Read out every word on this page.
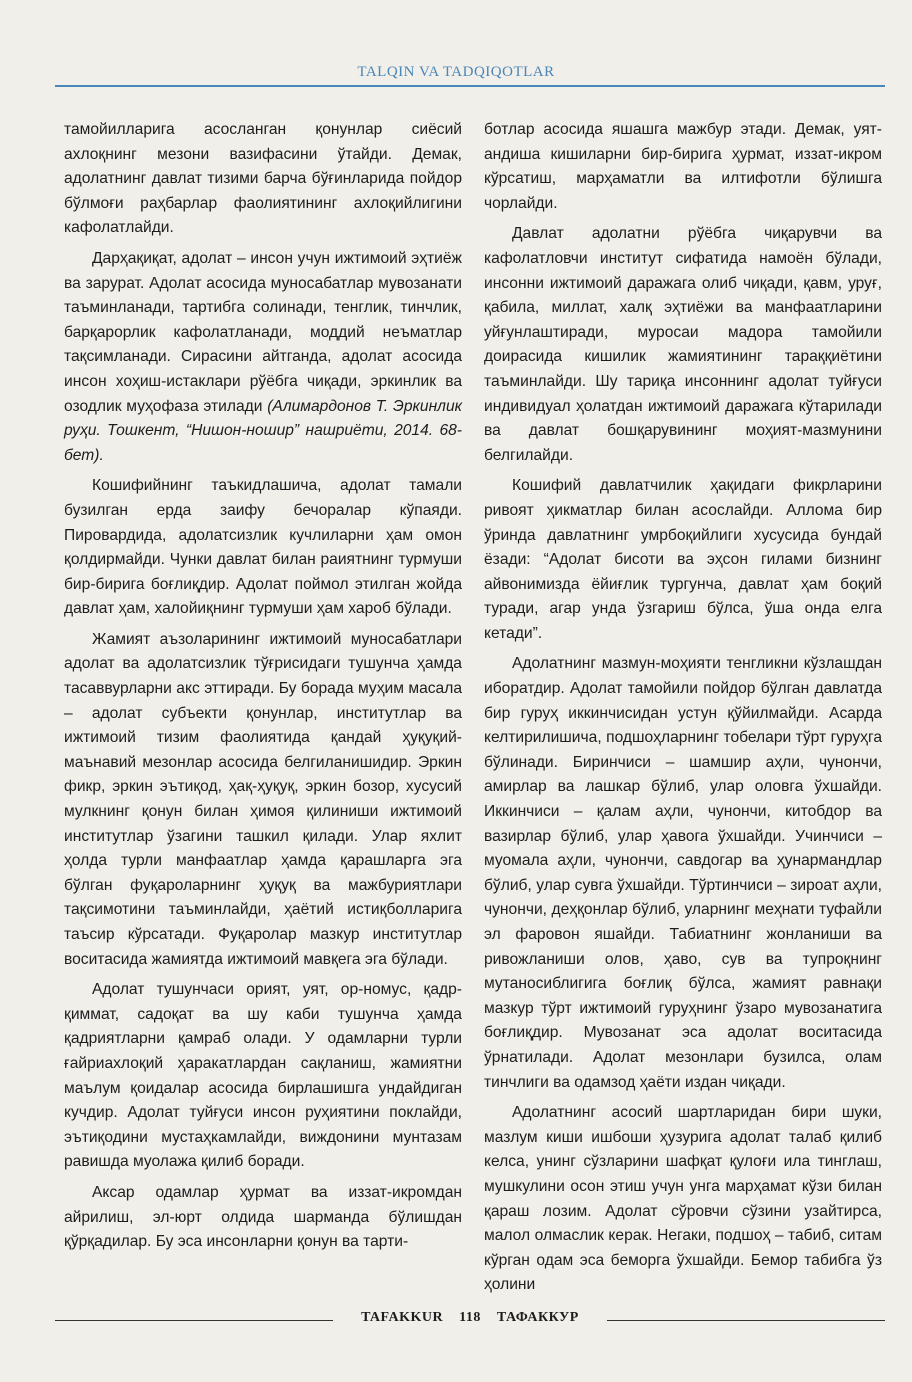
TALQIN VA TADQIQOTLAR

тамойилларига асосланган қонунлар сиёсий ахлоқнинг мезони вазифасини ўтайди. Демак, адолатнинг давлат тизими барча бўғинларида пойдор бўлмоғи раҳбарлар фаолиятининг ахлоқийлигини кафолатлайди.

Дарҳақиқат, адолат – инсон учун ижтимоий эҳтиёж ва зарурат. Адолат асосида муносабатлар мувозанати таъминланади, тартибга солинади, тенглик, тинчлик, барқарорлик кафолатланади, моддий неъматлар тақсимланади. Сирасини айтганда, адолат асосида инсон хоҳиш-истаклари рўёбга чиқади, эркинлик ва озодлик муҳофаза этилади (Алимардонов Т. Эркинлик руҳи. Тошкент, “Нишон-ношир” нашриёти, 2014. 68-бет).

Кошифийнинг таъкидлашича, адолат тамали бузилган ерда заифу бечоралар кўпаяди. Пировардида, адолатсизлик кучлиларни ҳам омон қолдирмайди. Чунки давлат билан раиятнинг турмуши бир-бирига боғлиқдир. Адолат поймол этилган жойда давлат ҳам, халойиқнинг турмуши ҳам хароб бўлади.

Жамият аъзоларининг ижтимоий муносабатлари адолат ва адолатсизлик тўғрисидаги тушунча ҳамда тасаввурларни акс эттиради. Бу борада муҳим масала – адолат субъекти қонунлар, институтлар ва ижтимоий тизим фаолиятида қандай ҳуқуқий-маънавий мезонлар асосида белгиланишидир. Эркин фикр, эркин эътиқод, ҳақ-ҳуқуқ, эркин бозор, хусусий мулкнинг қонун билан ҳимоя қилиниши ижтимоий институтлар ўзагини ташкил қилади. Улар яхлит ҳолда турли манфаатлар ҳамда қарашларга эга бўлган фуқароларнинг ҳуқуқ ва мажбуриятлари тақсимотини таъминлайди, ҳаётий истиқболларига таъсир кўрсатади. Фуқаролар мазкур институтлар воситасида жамиятда ижтимоий мавқега эга бўлади.

Адолат тушунчаси орият, уят, ор-номус, қадр-қиммат, садоқат ва шу каби тушунча ҳамда қадриятларни қамраб олади. У одамларни турли ғайриахлоқий ҳаракатлардан сақланиш, жамиятни маълум қоидалар асосида бирлашишга ундайдиган кучдир. Адолат туйғуси инсон руҳиятини поклайди, эътиқодини мустаҳкамлайди, виждонини мунтазам равишда муолажа қилиб боради.

Аксар одамлар ҳурмат ва иззат-икромдан айрилиш, эл-юрт олдида шарманда бўлишдан қўрқадилар. Бу эса инсонларни қонун ва тарти-

ботлар асосида яшашга мажбур этади. Демак, уят-андиша кишиларни бир-бирига ҳурмат, иззат-икром кўрсатиш, марҳаматли ва илтифотли бўлишга чорлайди.

Давлат адолатни рўёбга чиқарувчи ва кафолатловчи институт сифатида намоён бўлади, инсонни ижтимоий даражага олиб чиқади, қавм, уруғ, қабила, миллат, халқ эҳтиёжи ва манфаатларини уйғунлаштиради, муросаи мадора тамойили доирасида кишилик жамиятининг тараққиётини таъминлайди. Шу тариқа инсоннинг адолат туйғуси индивидуал ҳолатдан ижтимоий даражага кўтарилади ва давлат бошқарувининг моҳият-мазмунини белгилайди.

Кошифий давлатчилик ҳақидаги фикрларини ривоят ҳикматлар билан асослайди. Аллома бир ўринда давлатнинг умрбоқийлиги хусусида бундай ёзади: “Адолат бисоти ва эҳсон гилами бизнинг айвонимизда ёйиғлик тургунча, давлат ҳам боқий туради, агар унда ўзгариш бўлса, ўша онда елга кетади”.

Адолатнинг мазмун-моҳияти тенгликни кўзлашдан иборатдир. Адолат тамойили пойдор бўлган давлатда бир гуруҳ иккинчисидан устун қўйилмайди. Асарда келтирилишича, подшоҳларнинг тобелари тўрт гуруҳга бўлинади. Биринчиси – шамшир аҳли, чунончи, амирлар ва лашкар бўлиб, улар оловга ўхшайди. Иккинчиси – қалам аҳли, чунончи, китобдор ва вазирлар бўлиб, улар ҳавога ўхшайди. Учинчиси – муомала аҳли, чунончи, савдогар ва ҳунармандлар бўлиб, улар сувга ўхшайди. Тўртинчиси – зироат аҳли, чунончи, деҳқонлар бўлиб, уларнинг меҳнати туфайли эл фаровон яшайди. Табиатнинг жонланиши ва ривожланиши олов, ҳаво, сув ва тупроқнинг мутаносиблигига боғлиқ бўлса, жамият равнақи мазкур тўрт ижтимоий гуруҳнинг ўзаро мувозанатига боғлиқдир. Мувозанат эса адолат воситасида ўрнатилади. Адолат мезонлари бузилса, олам тинчлиги ва одамзод ҳаёти издан чиқади.

Адолатнинг асосий шартларидан бири шуки, мазлум киши ишбоши ҳузурига адолат талаб қилиб келса, унинг сўзларини шафқат қулоғи ила тинглаш, мушкулини осон этиш учун унга марҳамат кўзи билан қараш лозим. Адолат сўровчи сўзини узайтирса, малол олмаслик керак. Негаки, подшоҳ – табиб, ситам кўрган одам эса беморга ўхшайди. Бемор табибга ўз ҳолини

TAFAKKUR 118 ТАФАККУР
